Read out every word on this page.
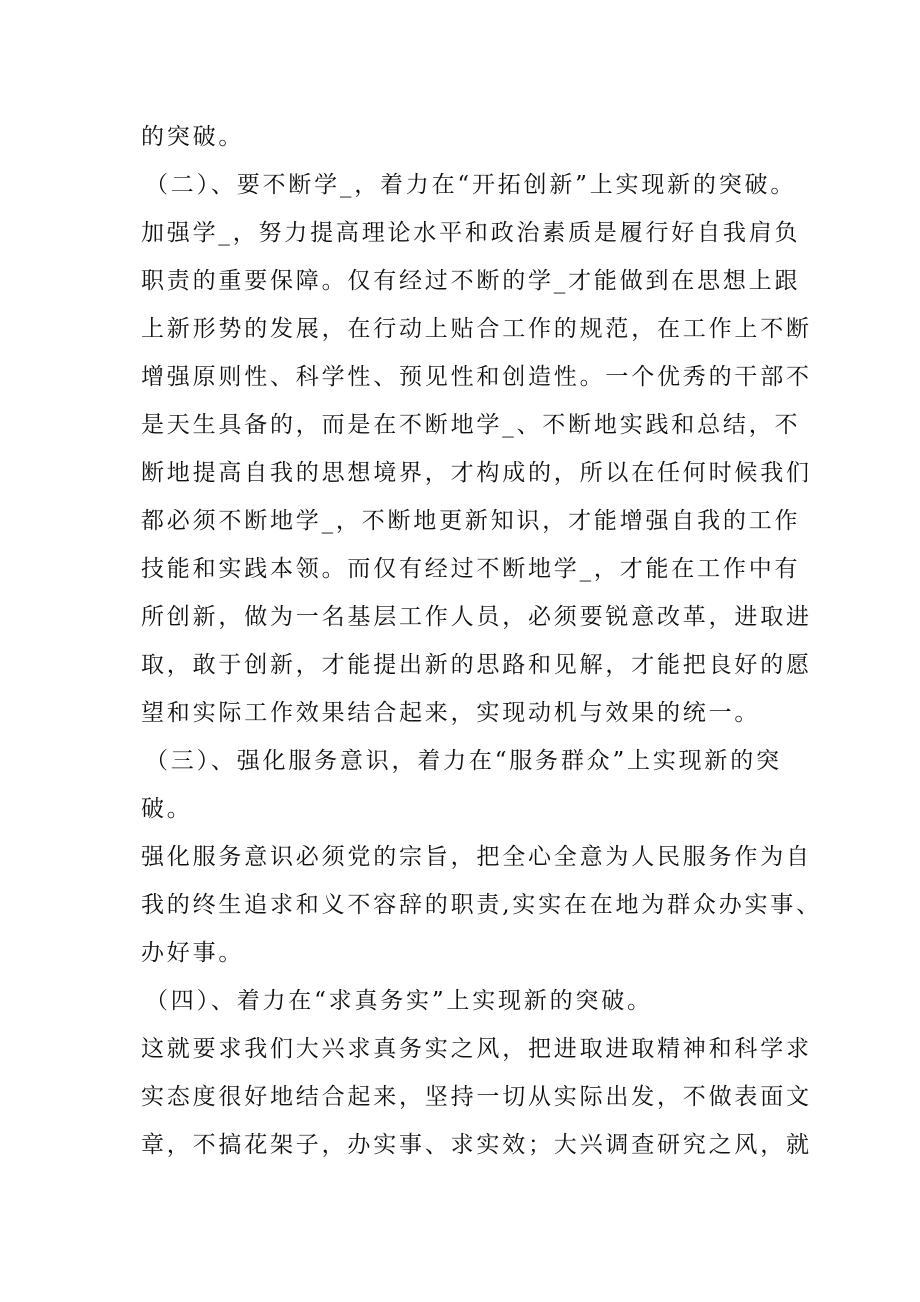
的突破。
（二）、要不断学_，着力在“开拓创新”上实现新的突破。
加强学_，努力提高理论水平和政治素质是履行好自我肩负
职责的重要保障。仅有经过不断的学_才能做到在思想上跟
上新形势的发展，在行动上贴合工作的规范，在工作上不断
增强原则性、科学性、预见性和创造性。一个优秀的干部不
是天生具备的，而是在不断地学_、不断地实践和总结，不
断地提高自我的思想境界，才构成的，所以在任何时候我们
都必须不断地学_，不断地更新知识，才能增强自我的工作
技能和实践本领。而仅有经过不断地学_，才能在工作中有
所创新，做为一名基层工作人员，必须要锐意改革，进取进
取，敢于创新，才能提出新的思路和见解，才能把良好的愿
望和实际工作效果结合起来，实现动机与效果的统一。
（三）、强化服务意识，着力在“服务群众”上实现新的突
破。
强化服务意识必须党的宗旨，把全心全意为人民服务作为自
我的终生追求和义不容辞的职责,实实在在地为群众办实事、
办好事。
（四）、着力在“求真务实”上实现新的突破。
这就要求我们大兴求真务实之风，把进取进取精神和科学求
实态度很好地结合起来，坚持一切从实际出发，不做表面文
章，不搞花架子，办实事、求实效；大兴调查研究之风，就
